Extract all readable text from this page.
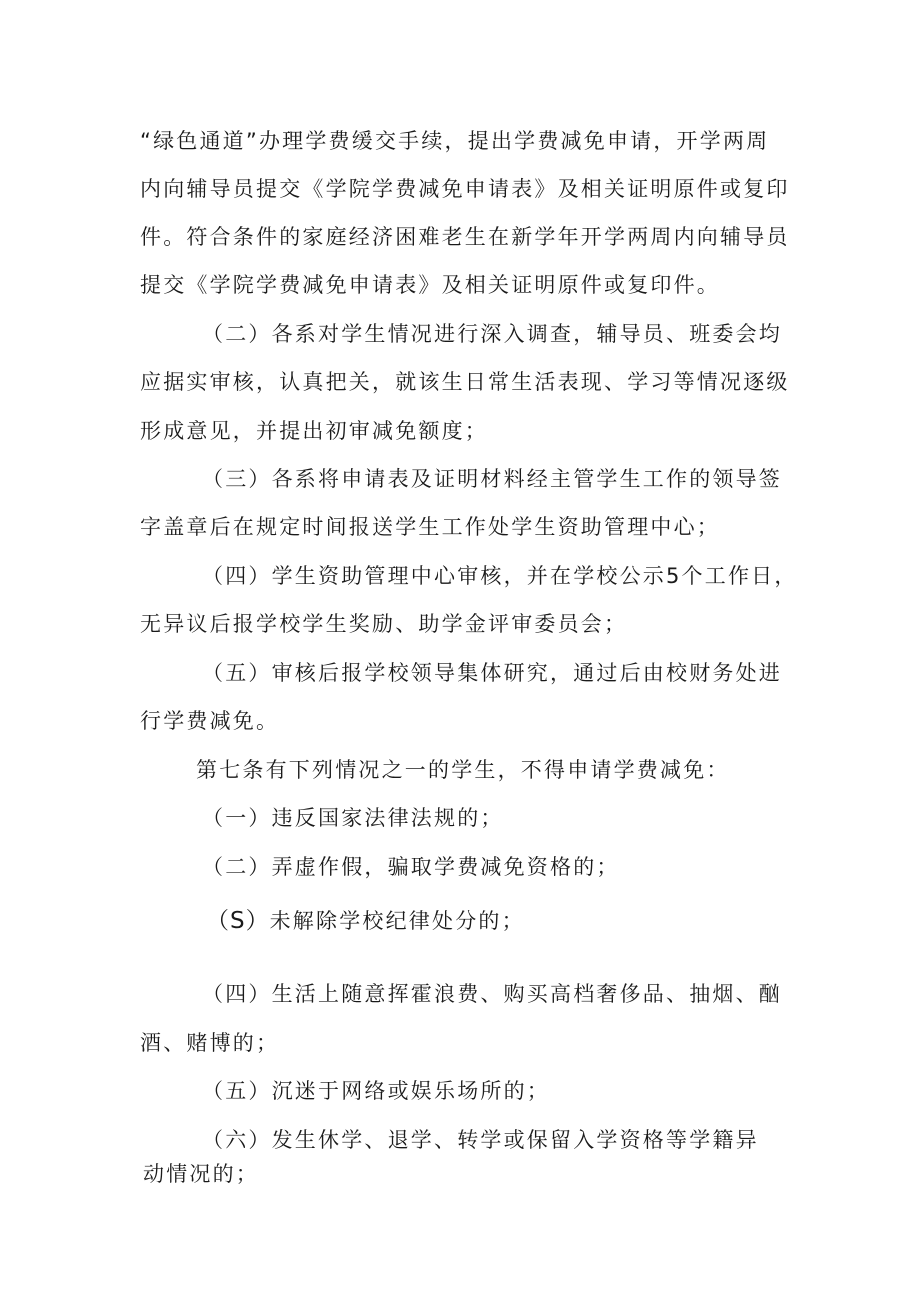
“绿色通道”办理学费缓交手续，提出学费减免申请，开学两周
内向辅导员提交《学院学费减免申请表》及相关证明原件或复印
件。符合条件的家庭经济困难老生在新学年开学两周内向辅导员
提交《学院学费减免申请表》及相关证明原件或复印件。
（二）各系对学生情况进行深入调查，辅导员、班委会均
应据实审核，认真把关，就该生日常生活表现、学习等情况逐级
形成意见，并提出初审减免额度；
（三）各系将申请表及证明材料经主管学生工作的领导签
字盖章后在规定时间报送学生工作处学生资助管理中心；
（四）学生资助管理中心审核，并在学校公示5个工作日，
无异议后报学校学生奖励、助学金评审委员会；
（五）审核后报学校领导集体研究，通过后由校财务处进
行学费减免。
第七条有下列情况之一的学生，不得申请学费减免：
（一）违反国家法律法规的；
（二）弄虚作假，骗取学费减免资格的；
（S）未解除学校纪律处分的；
（四）生活上随意挥霍浪费、购买高档奢侈品、抽烟、酗
酒、赌博的；
（五）沉迷于网络或娱乐场所的；
（六）发生休学、退学、转学或保留入学资格等学籍异
动情况的；
